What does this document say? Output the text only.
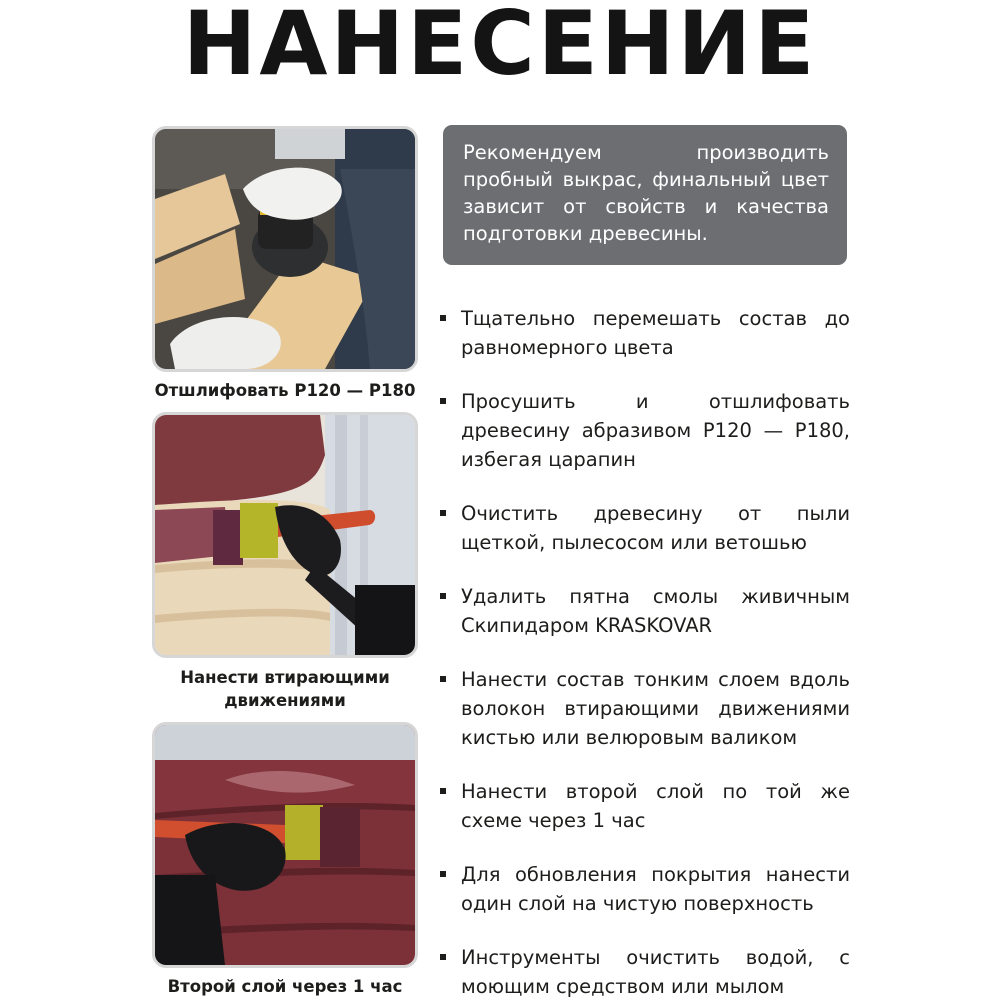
НАНЕСЕНИЕ
Отшлифовать Р120 — Р180
Нанести втирающими движениями
Второй слой через 1 час
Рекомендуем производить пробный выкрас, финальный цвет зависит от свойств и качества подготовки древесины.
Тщательно перемешать состав до равномерного цвета
Просушить и отшлифовать древесину абразивом Р120 — Р180, избегая царапин
Очистить древесину от пыли щеткой, пылесосом или ветошью
Удалить пятна смолы живичным Скипидаром KRASKOVAR
Нанести состав тонким слоем вдоль волокон втирающими движениями кистью или велюровым валиком
Нанести второй слой по той же схеме через 1 час
Для обновления покрытия нанести один слой на чистую поверхность
Инструменты очистить водой, с моющим средством или мылом
